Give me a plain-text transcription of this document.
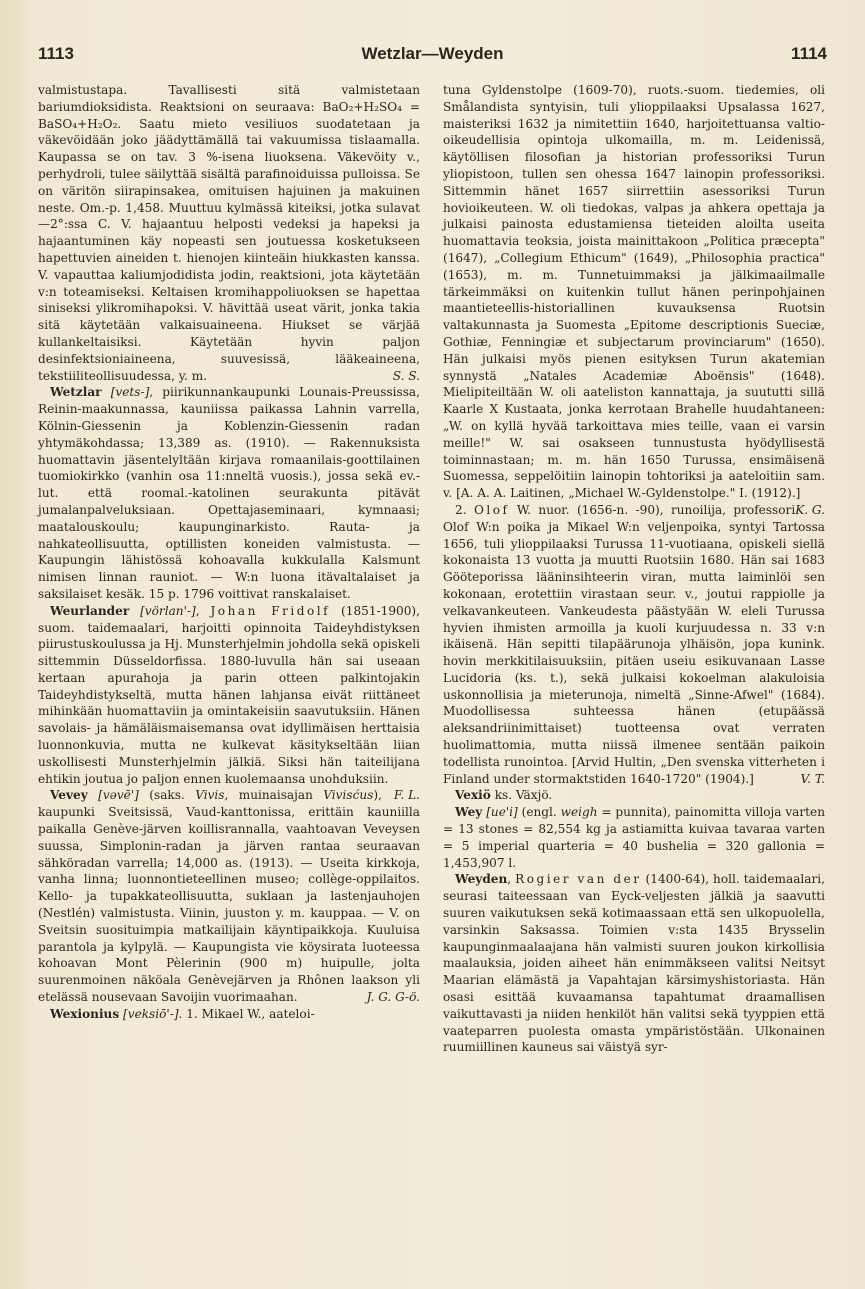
1113	Wetzlar—Weyden	1114

valmistustapa. Tavallisesti sitä valmistetaan bariumdioksidista. Reaktsioni on seuraava: BaO₂+H₂SO₄ = BaSO₄+H₂O₂. Saatu mieto vesiliuos suodatetaan ja väkevöidään joko jäädyttämällä tai vakuumissa tislaamalla. Kaupassa se on tav. 3 %-isena liuoksena. Väkevöity v., perhydroli, tulee säilyttää sisältä parafinoiduissa pulloissa. Se on väritön siirapinsakea, omituisen hajuinen ja makuinen neste. Om.-p. 1,458. Muuttuu kylmässä kiteiksi, jotka sulavat —2°:ssa C. V. hajaantuu helposti vedeksi ja hapeksi ja hajaantuminen käy nopeasti sen joutuessa kosketukseen hapettuvien aineiden t. hienojen kiinteäin hiukkasten kanssa. V. vapauttaa kaliumjodidista jodin, reaktsioni, jota käytetään v:n toteamiseksi. Keltaisen kromihappoliuoksen se hapettaa siniseksi ylikromihapoksi. V. hävittää useat värit, jonka takia sitä käytetään valkaisuaineena. Hiukset se värjää kullankeltaisiksi. Käytetään hyvin paljon desinfektsioniaineena, suuvesissä, lääkeaineena, tekstiiliteollisuudessa, y. m.	S. S.

Wetzlar [vets-], piirikunnankaupunki Lounais-Preussissa, Reinin-maakunnassa, kauniissa paikassa Lahnin varrella, Kölnin-Giessenin ja Koblenzin-Giessenin radan yhtymäkohdassa; 13,389 as. (1910). — Rakennuksista huomattavin jäsentelyltään kirjava romaanilais-goottilainen tuomiokirkko (vanhin osa 11:nneltä vuosis.), jossa sekä ev.-lut. että roomal.-katolinen seurakunta pitävät jumalanpalveluksiaan. Opettajaseminaari, kymnaasi; maatalouskoulu; kaupunginarkisto. Rauta- ja nahkateollisuutta, optillisten koneiden valmistusta. — Kaupungin lähistössä kohoavalla kukkulalla Kalsmunt nimisen linnan rauniot. — W:n luona itävaltalaiset ja saksilaiset kesäk. 15 p. 1796 voittivat ranskalaiset.

Weurlander [vörlan'-], Johan Fridolf (1851-1900), suom. taidemaalari, harjoitti opinnoita Taideyhdistyksen piirustuskoulussa ja Hj. Munsterhjelmin johdolla sekä opiskeli sittemmin Düsseldorfissa. 1880-luvulla hän sai useaan kertaan apurahoja ja parin otteen palkintojakin Taideyhdistykseltä, mutta hänen lahjansa eivät riittäneet mihinkään huomattaviin ja omintakeisiin saavutuksiin. Hänen savolais- ja hämäläismaisemansa ovat idyllimäisen herttaisia luonnonkuvia, mutta ne kulkevat käsitykseltään liian uskollisesti Munsterhjelmin jälkiä. Siksi hän taiteilijana ehtikin joutua jo paljon ennen kuolemaansa unohduksiin.
F. L.

Vevey [vəvē'] (saks. Vivis, muinaisajan Vivisćus), kaupunki Sveitsissä, Vaud-kanttonissa, erittäin kauniilla paikalla Genève-järven koillisrannalla, vaahtoavan Veveysen suussa, Simplonin-radan ja järven rantaa seuraavan sähköradan varrella; 14,000 as. (1913). — Useita kirkkoja, vanha linna; luonnontieteellinen museo; collège-oppilaitos. Kello- ja tupakkateollisuutta, suklaan ja lastenjauhojen (Nestlén) valmistusta. Viinin, juuston y. m. kauppaa. — V. on Sveitsin suosituimpia matkailijain käyntipaikkoja. Kuuluisa parantola ja kylpylä. — Kaupungista vie köysirata luoteessa kohoavan Mont Pèlerinin (900 m) huipulle, jolta suurenmoinen näköala Genèvejärven ja Rhônen laakson yli etelässä nousevaan Savoijin vuorimaahan.	J. G. G-ö.

Wexionius [veksiō'-]. 1. Mikael W., aateloi-

tuna Gyldenstolpe (1609-70), ruots.-suom. tiedemies, oli Smålandista syntyisin, tuli ylioppilaaksi Upsalassa 1627, maisteriksi 1632 ja nimitettiin 1640, harjoitettuansa valtio-oikeudellisia opintoja ulkomailla, m. m. Leidenissä, käytöllisen filosofian ja historian professoriksi Turun yliopistoon, tullen sen ohessa 1647 lainopin professoriksi. Sittemmin hänet 1657 siirrettiin asessoriksi Turun hovioikeuteen. W. oli tiedokas, valpas ja ahkera opettaja ja julkaisi painosta edustamiensa tieteiden aloilta useita huomattavia teoksia, joista mainittakoon „Politica præcepta" (1647), „Collegium Ethicum" (1649), „Philosophia practica" (1653), m. m. Tunnetuimmaksi ja jälkimaailmalle tärkeimmäksi on kuitenkin tullut hänen perinpohjainen maantieteellis-historiallinen kuvauksensa Ruotsin valtakunnasta ja Suomesta „Epitome descriptionis Sueciæ, Gothiæ, Fenningiæ et subjectarum provinciarum" (1650). Hän julkaisi myös pienen esityksen Turun akatemian synnystä „Natales Academiæ Aboënsis" (1648). Mielipiteiltään W. oli aateliston kannattaja, ja suututti sillä Kaarle X Kustaata, jonka kerrotaan Brahelle huudahtaneen: „W. on kyllä hyvää tarkoittava mies teille, vaan ei varsin meille!" W. sai osakseen tunnustusta hyödyllisestä toiminnastaan; m. m. hän 1650 Turussa, ensimäisenä Suomessa, seppelöitiin lainopin tohtoriksi ja aateloitiin sam. v. [A. A. A. Laitinen, „Michael W.-Gyldenstolpe." I. (1912).]
K. G.

2. Olof W. nuor. (1656-n. -90), runoilija, professori Olof W:n poika ja Mikael W:n veljenpoika, syntyi Tartossa 1656, tuli ylioppilaaksi Turussa 11-vuotiaana, opiskeli siellä kokonaista 13 vuotta ja muutti Ruotsiin 1680. Hän sai 1683 Gööteporissa lääninsihteerin viran, mutta laiminlöi sen kokonaan, erotettiin virastaan seur. v., joutui rappiolle ja velkavankeuteen. Vankeudesta päästyään W. eleli Turussa hyvien ihmisten armoilla ja kuoli kurjuudessa n. 33 v:n ikäisenä. Hän sepitti tilapäärunoja ylhäisön, jopa kunink. hovin merkkitilaisuuksiin, pitäen useiu esikuvanaan Lasse Lucidoria (ks. t.), sekä julkaisi kokoelman alakuloisia uskonnollisia ja mieterunoja, nimeltä „Sinne-Afwel" (1684). Muodollisessa suhteessa hänen (etupäässä aleksandriinimittaiset) tuotteensa ovat verraten huolimattomia, mutta niissä ilmenee sentään paikoin todellista runointoa. [Arvid Hultin, „Den svenska vitterheten i Finland under stormaktstiden 1640-1720" (1904).]	V. T.

Vexiö ks. Växjö.

Wey [ue'i] (engl. weigh = punnita), painomitta villoja varten = 13 stones = 82,554 kg ja astiamitta kuivaa tavaraa varten = 5 imperial quarteria = 40 bushelia = 320 gallonia = 1,453,907 l.

Weyden, Rogier van der (1400-64), holl. taidemaalari, seurasi taiteessaan van Eyck-veljesten jälkiä ja saavutti suuren vaikutuksen sekä kotimaassaan että sen ulkopuolella, varsinkin Saksassa. Toimien v:sta 1435 Brysselin kaupunginmaalaajana hän valmisti suuren joukon kirkollisia maalauksia, joiden aiheet hän enimmäkseen valitsi Neitsyt Maarian elämästä ja Vapahtajan kärsimyshistoriasta. Hän osasi esittää kuvaamansa tapahtumat draamallisen vaikuttavasti ja niiden henkilöt hän valitsi sekä tyyppien että vaateparren puolesta omasta ympäristöstään. Ulkonainen ruumiillinen kauneus sai väistyä syr-
